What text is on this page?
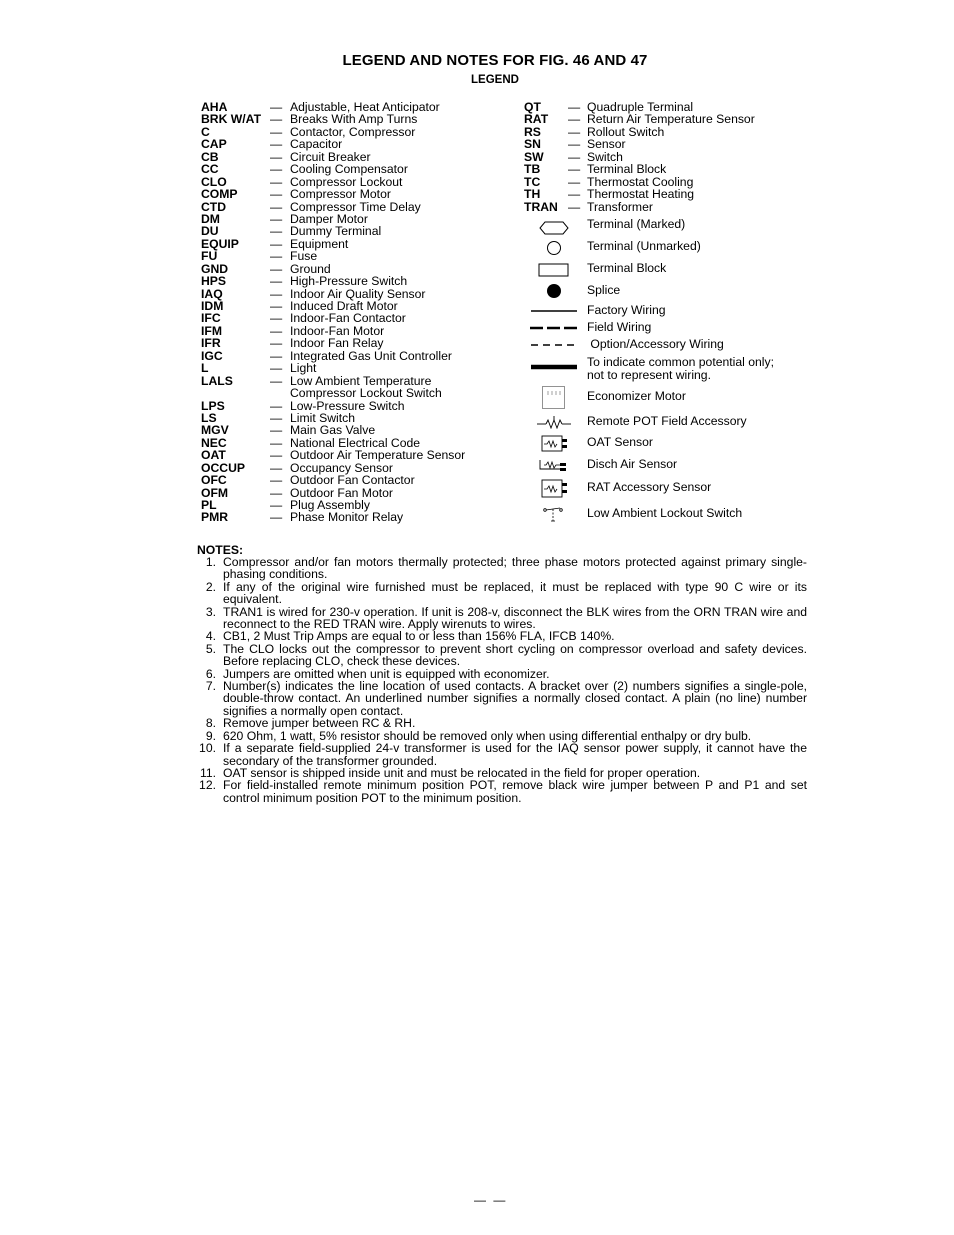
LEGEND AND NOTES FOR FIG. 46 AND 47
LEGEND
AHA	— Adjustable, Heat Anticipator
BRK W/AT — Breaks With Amp Turns
C	— Contactor, Compressor
CAP	— Capacitor
CB	— Circuit Breaker
CC	— Cooling Compensator
CLO	— Compressor Lockout
COMP	— Compressor Motor
CTD	— Compressor Time Delay
DM	— Damper Motor
DU	— Dummy Terminal
EQUIP	— Equipment
FU	— Fuse
GND	— Ground
HPS	— High-Pressure Switch
IAQ	— Indoor Air Quality Sensor
IDM	— Induced Draft Motor
IFC	— Indoor-Fan Contactor
IFM	— Indoor-Fan Motor
IFR	— Indoor Fan Relay
IGC	— Integrated Gas Unit Controller
L	— Light
LALS	— Low Ambient Temperature
Compressor Lockout Switch
LPS	— Low-Pressure Switch
LS	— Limit Switch
MGV	— Main Gas Valve
NEC	— National Electrical Code
OAT	— Outdoor Air Temperature Sensor
OCCUP — Occupancy Sensor
OFC	— Outdoor Fan Contactor
OFM	— Outdoor Fan Motor
PL	— Plug Assembly
PMR	— Phase Monitor Relay
QT — Quadruple Terminal
RAT — Return Air Temperature Sensor
RS — Rollout Switch
SN — Sensor
SW — Switch
TB — Terminal Block
TC — Thermostat Cooling
TH — Thermostat Heating
TRAN — Transformer
Terminal (Marked)
Terminal (Unmarked)
Terminal Block
Splice
Factory Wiring
Field Wiring
Option/Accessory Wiring
To indicate common potential only;
not to represent wiring.
Economizer Motor
Remote POT Field Accessory
OAT Sensor
Disch Air Sensor
RAT Accessory Sensor
Low Ambient Lockout Switch
NOTES:
1. Compressor and/or fan motors thermally protected; three phase motors protected against primary single-phasing conditions.
2. If any of the original wire furnished must be replaced, it must be replaced with type 90 C wire or its equivalent.
3. TRAN1 is wired for 230-v operation. If unit is 208-v, disconnect the BLK wires from the ORN TRAN wire and reconnect to the RED TRAN wire. Apply wirenuts to wires.
4. CB1, 2 Must Trip Amps are equal to or less than 156% FLA, IFCB 140%.
5. The CLO locks out the compressor to prevent short cycling on compressor overload and safety devices. Before replacing CLO, check these devices.
6. Jumpers are omitted when unit is equipped with economizer.
7. Number(s) indicates the line location of used contacts. A bracket over (2) numbers signifies a single-pole, double-throw contact. An underlined number signifies a normally closed contact. A plain (no line) number signifies a normally open contact.
8. Remove jumper between RC & RH.
9. 620 Ohm, 1 watt, 5% resistor should be removed only when using differential enthalpy or dry bulb.
10. If a separate field-supplied 24-v transformer is used for the IAQ sensor power supply, it cannot have the secondary of the transformer grounded.
11. OAT sensor is shipped inside unit and must be relocated in the field for proper operation.
12. For field-installed remote minimum position POT, remove black wire jumper between P and P1 and set control minimum position POT to the minimum position.
— —
